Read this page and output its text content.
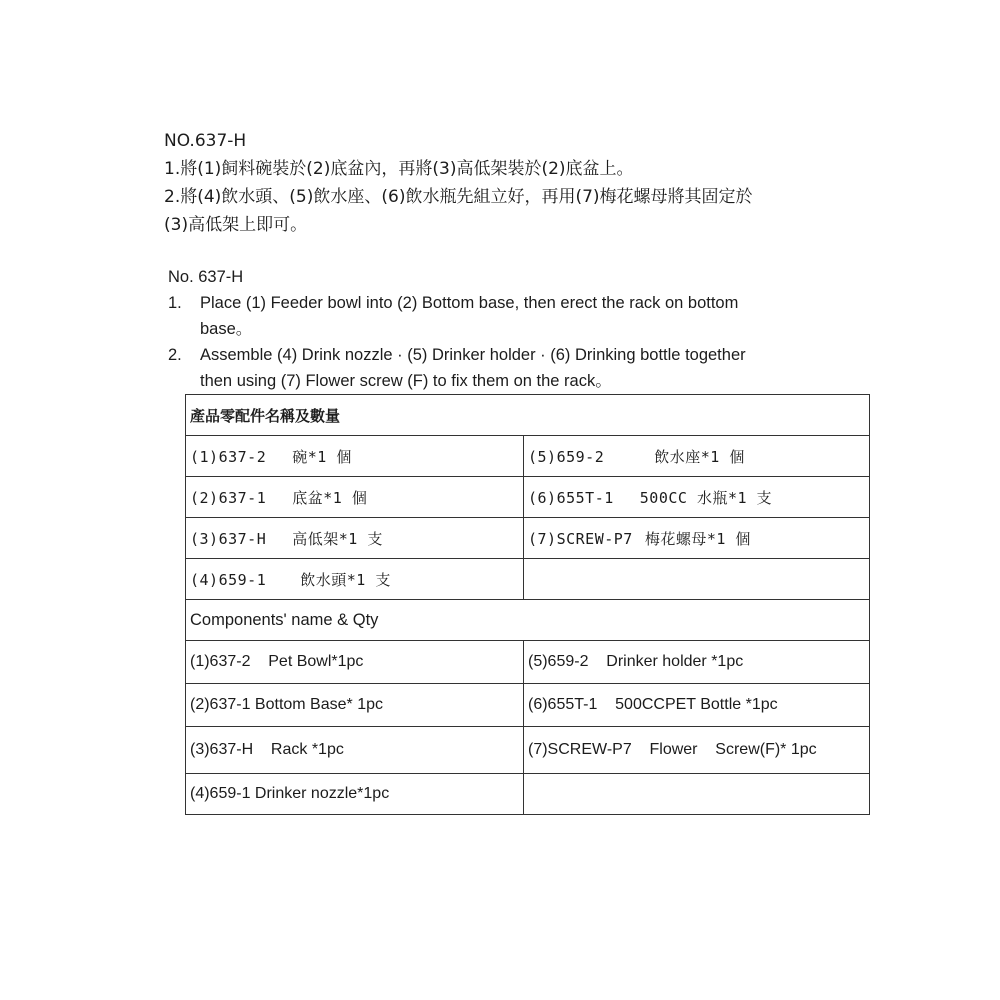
NO.637-H
1.將(1)飼料碗裝於(2)底盆內，再將(3)高低架裝於(2)底盆上。
2.將(4)飲水頭、(5)飲水座、(6)飲水瓶先組立好，再用(7)梅花螺母將其固定於
(3)高低架上即可。
No. 637-H
1.	Place (1) Feeder bowl into (2) Bottom base, then erect the rack on bottom
base。
2.	Assemble (4) Drink nozzle · (5) Drinker holder · (6) Drinking bottle together
then using (7) Flower screw (F) to fix them on the rack。
產品零配件名稱及數量	
(1)637-2 碗*1 個	(5)659-2 飲水座*1 個
(2)637-1 底盆*1 個	(6)655T-1 500CC 水瓶*1 支
(3)637-H 高低架*1 支	(7)SCREW-P7 梅花螺母*1 個
(4)659-1 飲水頭*1 支	
Components' name & Qty	
(1)637-2    Pet Bowl*1pc	(5)659-2    Drinker holder *1pc
(2)637-1 Bottom Base* 1pc	(6)655T-1    500CCPET Bottle *1pc
(3)637-H    Rack *1pc	(7)SCREW-P7    Flower    Screw(F)* 1pc
(4)659-1 Drinker nozzle*1pc	
